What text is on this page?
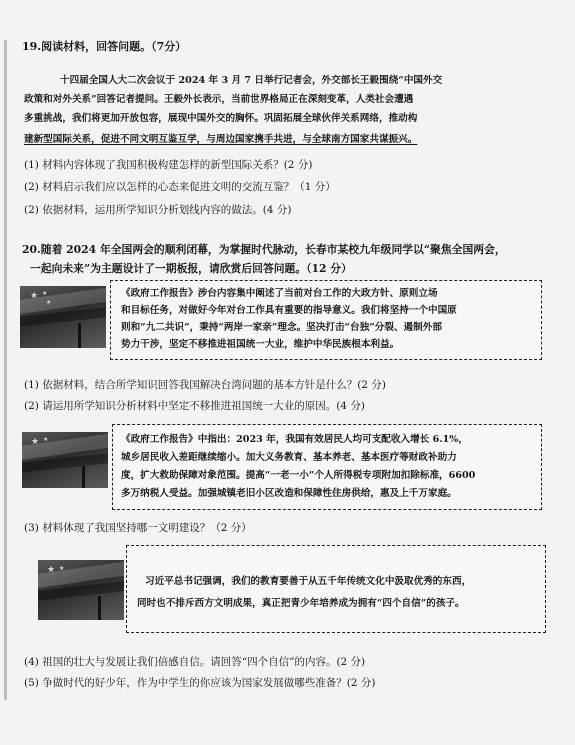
19.阅读材料，回答问题。（7分）
十四届全国人大二次会议于 2024 年 3 月 7 日举行记者会，外交部长王毅围绕“中国外交
政策和对外关系”回答记者提问。王毅外长表示，当前世界格局正在深刻变革，人类社会遭遇
多重挑战，我们将更加开放包容，展现中国外交的胸怀。巩固拓展全球伙伴关系网络，推动构
建新型国际关系，促进不同文明互鉴互学，与周边国家携手共进，与全球南方国家共谋振兴。
(1) 材料内容体现了我国积极构建怎样的新型国际关系？(2 分)
(2) 材料启示我们应以怎样的心态来促进文明的交流互鉴？（1 分）
(2) 依据材料，运用所学知识分析划线内容的做法。(4 分)
20.随着 2024 年全国两会的顺利闭幕，为掌握时代脉动，长春市某校九年级同学以“聚焦全国两会，
一起向未来”为主题设计了一期板报，请欣赏后回答问题。（12 分）
★ ★
★
《政府工作报告》涉台内容集中阐述了当前对台工作的大政方针、原则立场
和目标任务，对做好今年对台工作具有重要的指导意义。我们将坚持一个中国原
则和“九二共识”，秉持“两岸一家亲”理念。坚决打击“台独”分裂、遏制外部
势力干涉，坚定不移推进祖国统一大业，维护中华民族根本利益。
(1) 依据材料，结合所学知识回答我国解决台湾问题的基本方针是什么？(2 分)
(2) 请运用所学知识分析材料中坚定不移推进祖国统一大业的原因。(4 分)
★ ★	《政府工作报告》中指出：2023 年，我国有效居民人均可支配收入增长 6.1%，
城乡居民收入差距继续缩小。加大义务教育、基本养老、基本医疗等财政补助力
度，扩大救助保障对象范围。提高“一老一小”个人所得税专项附加扣除标准，6600
多万纳税人受益。加强城镇老旧小区改造和保障性住房供给，惠及上千万家庭。
(3) 材料体现了我国坚持哪一文明建设？（2 分）
★ ★
习近平总书记强调，我们的教育要善于从五千年传统文化中汲取优秀的东西，
同时也不排斥西方文明成果，真正把青少年培养成为拥有“四个自信”的孩子。
(4) 祖国的壮大与发展让我们倍感自信。请回答“四个自信”的内容。(2 分)
(5) 争做时代的好少年，作为中学生的你应该为国家发展做哪些准备？(2 分)
